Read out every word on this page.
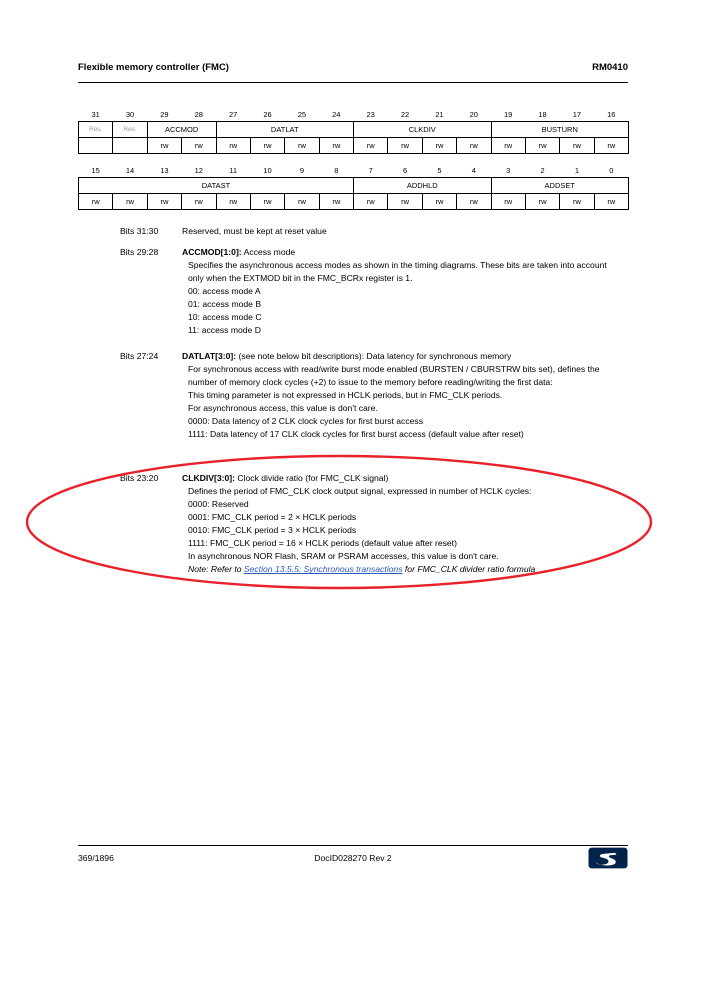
Flexible memory controller (FMC)	RM0410
31	30	29	28	27	26	25	24	23	22	21	20	19	18	17	16
Res.	Res.	ACCMOD		DATLAT				CLKDIV				BUSTURN			
		rw	rw	rw	rw	rw	rw	rw	rw	rw	rw	rw	rw	rw	rw
15	14	13	12	11	10	9	8	7	6	5	4	3	2	1	0
DATAST								ADDHLD				ADDSET			
rw	rw	rw	rw	rw	rw	rw	rw	rw	rw	rw	rw	rw	rw	rw	rw
Bits 31:30	Reserved, must be kept at reset value
Bits 29:28	ACCMOD[1:0]: Access mode
Specifies the asynchronous access modes as shown in the timing diagrams. These bits are taken into account only when the EXTMOD bit in the FMC_BCRx register is 1.
00: access mode A
01: access mode B
10: access mode C
11: access mode D
Bits 27:24	DATLAT[3:0]: (see note below bit descriptions): Data latency for synchronous memory
For synchronous access with read/write burst mode enabled (BURSTEN / CBURSTRW bits set), defines the number of memory clock cycles (+2) to issue to the memory before reading/writing the first data:
This timing parameter is not expressed in HCLK periods, but in FMC_CLK periods.
For asynchronous access, this value is don't care.
0000: Data latency of 2 CLK clock cycles for first burst access
1111: Data latency of 17 CLK clock cycles for first burst access (default value after reset)
Bits 23:20	CLKDIV[3:0]: Clock divide ratio (for FMC_CLK signal)
Defines the period of FMC_CLK clock output signal, expressed in number of HCLK cycles:
0000: Reserved
0001: FMC_CLK period = 2 × HCLK periods
0010: FMC_CLK period = 3 × HCLK periods
1111: FMC_CLK period = 16 × HCLK periods (default value after reset)
In asynchronous NOR Flash, SRAM or PSRAM accesses, this value is don't care.
Note: Refer to Section 13.5.5: Synchronous transactions for FMC_CLK divider ratio formula
369/1896	DocID028270 Rev 2
